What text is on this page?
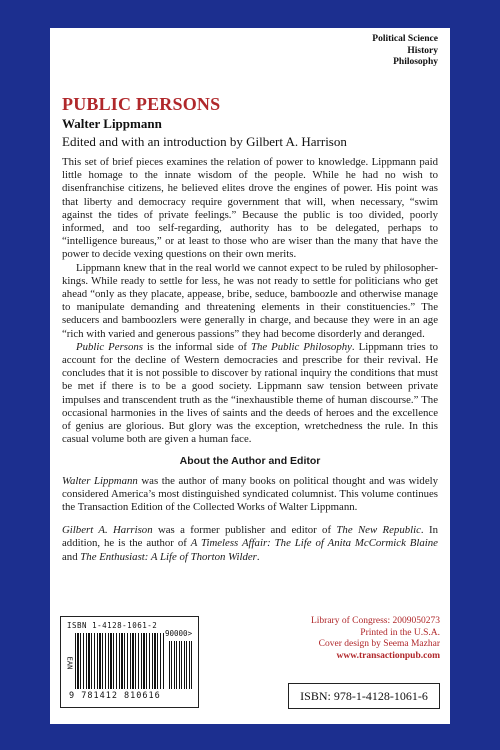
Political Science
History
Philosophy
PUBLIC PERSONS
Walter Lippmann
Edited and with an introduction by Gilbert A. Harrison

This set of brief pieces examines the relation of power to knowledge. Lippmann paid little homage to the innate wisdom of the people. While he had no wish to disenfranchise citizens, he believed elites drove the engines of power. His point was that liberty and democracy require government that will, when necessary, “swim against the tides of private feelings.” Because the public is too divided, poorly informed, and too self-regarding, authority has to be delegated, perhaps to “intelligence bureaus,” or at least to those who are wiser than the many that have the power to decide vexing questions on their own merits.

Lippmann knew that in the real world we cannot expect to be ruled by philosopher-kings. While ready to settle for less, he was not ready to settle for politicians who get ahead “only as they placate, appease, bribe, seduce, bamboozle and otherwise manage to manipulate demanding and threatening elements in their constituencies.” The seducers and bamboozlers were generally in charge, and because they were in an age “rich with varied and generous passions” they had become disorderly and deranged.

Public Persons is the informal side of The Public Philosophy. Lippmann tries to account for the decline of Western democracies and prescribe for their revival. He concludes that it is not possible to discover by rational inquiry the conditions that must be met if there is to be a good society. Lippmann saw tension between private impulses and transcendent truth as the “inexhaustible theme of human discourse.” The occasional harmonies in the lives of saints and the deeds of heroes and the excellence of genius are glorious. But glory was the exception, wretchedness the rule. In this casual volume both are given a human face.

About the Author and Editor

Walter Lippmann was the author of many books on political thought and was widely considered America’s most distinguished syndicated columnist. This volume continues the Transaction Edition of the Collected Works of Walter Lippmann.

Gilbert A. Harrison was a former publisher and editor of The New Republic. In addition, he is the author of A Timeless Affair: The Life of Anita McCormick Blaine and The Enthusiast: A Life of Thorton Wilder.

ISBN 1-4128-1061-2
EAN
90000>
9 781412 810616
Library of Congress: 2009050273
Printed in the U.S.A.
Cover design by Seema Mazhar
www.transactionpub.com
ISBN: 978-1-4128-1061-6
